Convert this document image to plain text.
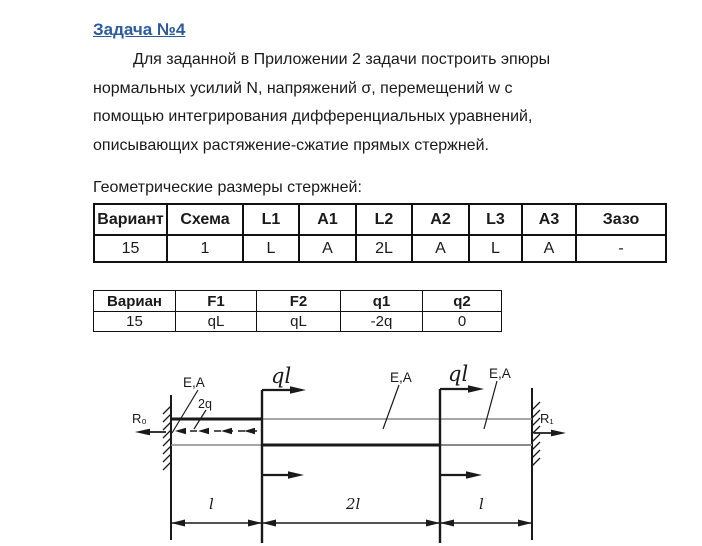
Задача №4
Для заданной в Приложении 2 задачи построить эпюры
нормальных усилий N, напряжений σ, перемещений w с
помощью интегрирования дифференциальных уравнений,
описывающих растяжение-сжатие прямых стержней.
Геометрические размеры стержней:
Вариант	Схема	L1	A1	L2	A2	L3	A3	Зазо
15	1	L	A	2L	A	L	A	-
Вариан	F1	F2	q1	q2
15	qL	qL	-2q	0
2q
ql	ql
E,A	E,A	E,A
R₀	R₁
l	2l	l
